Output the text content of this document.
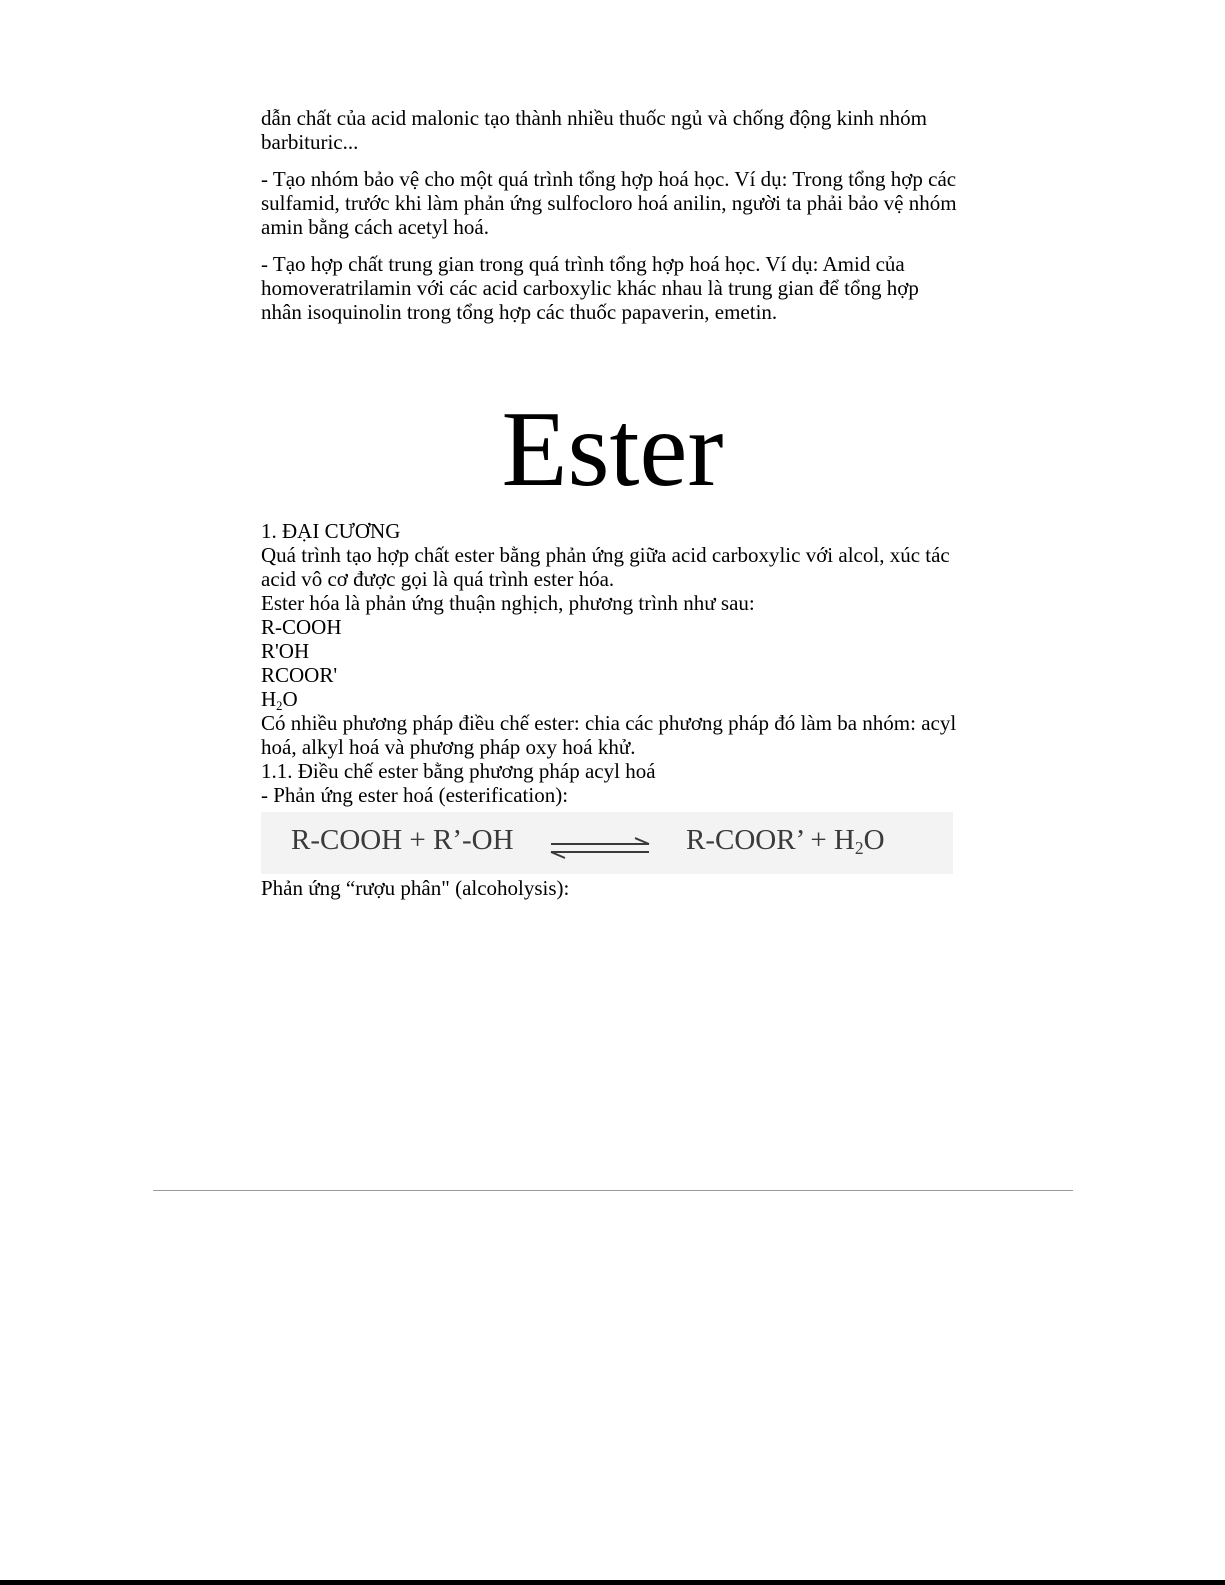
dẫn chất của acid malonic tạo thành nhiều thuốc ngủ và chống động kinh nhóm
barbituric...

- Tạo nhóm bảo vệ cho một quá trình tổng hợp hoá học. Ví dụ: Trong tổng hợp các
sulfamid, trước khi làm phản ứng sulfocloro hoá anilin, người ta phải bảo vệ nhóm
amin bằng cách acetyl hoá.

- Tạo hợp chất trung gian trong quá trình tổng hợp hoá học. Ví dụ: Amid của
homoveratrilamin với các acid carboxylic khác nhau là trung gian để tổng hợp
nhân isoquinolin trong tổng hợp các thuốc papaverin, emetin.

Ester
1. ĐẠI CƯƠNG
Quá trình tạo hợp chất ester bằng phản ứng giữa acid carboxylic với alcol, xúc tác
acid vô cơ được gọi là quá trình ester hóa.
Ester hóa là phản ứng thuận nghịch, phương trình như sau:
R-COOH
R'OH
RCOOR'
$H_2O$
Có nhiều phương pháp điều chế ester: chia các phương pháp đó làm ba nhóm: acyl
hoá, alkyl hoá và phương pháp oxy hoá khử.
1.1. Điều chế ester bằng phương pháp acyl hoá
- Phản ứng ester hoá (esterification):
R-COOH + R’-OH ⇌ R-COOR’ + $H_2O$
Phản ứng “rượu phân" (alcoholysis):
